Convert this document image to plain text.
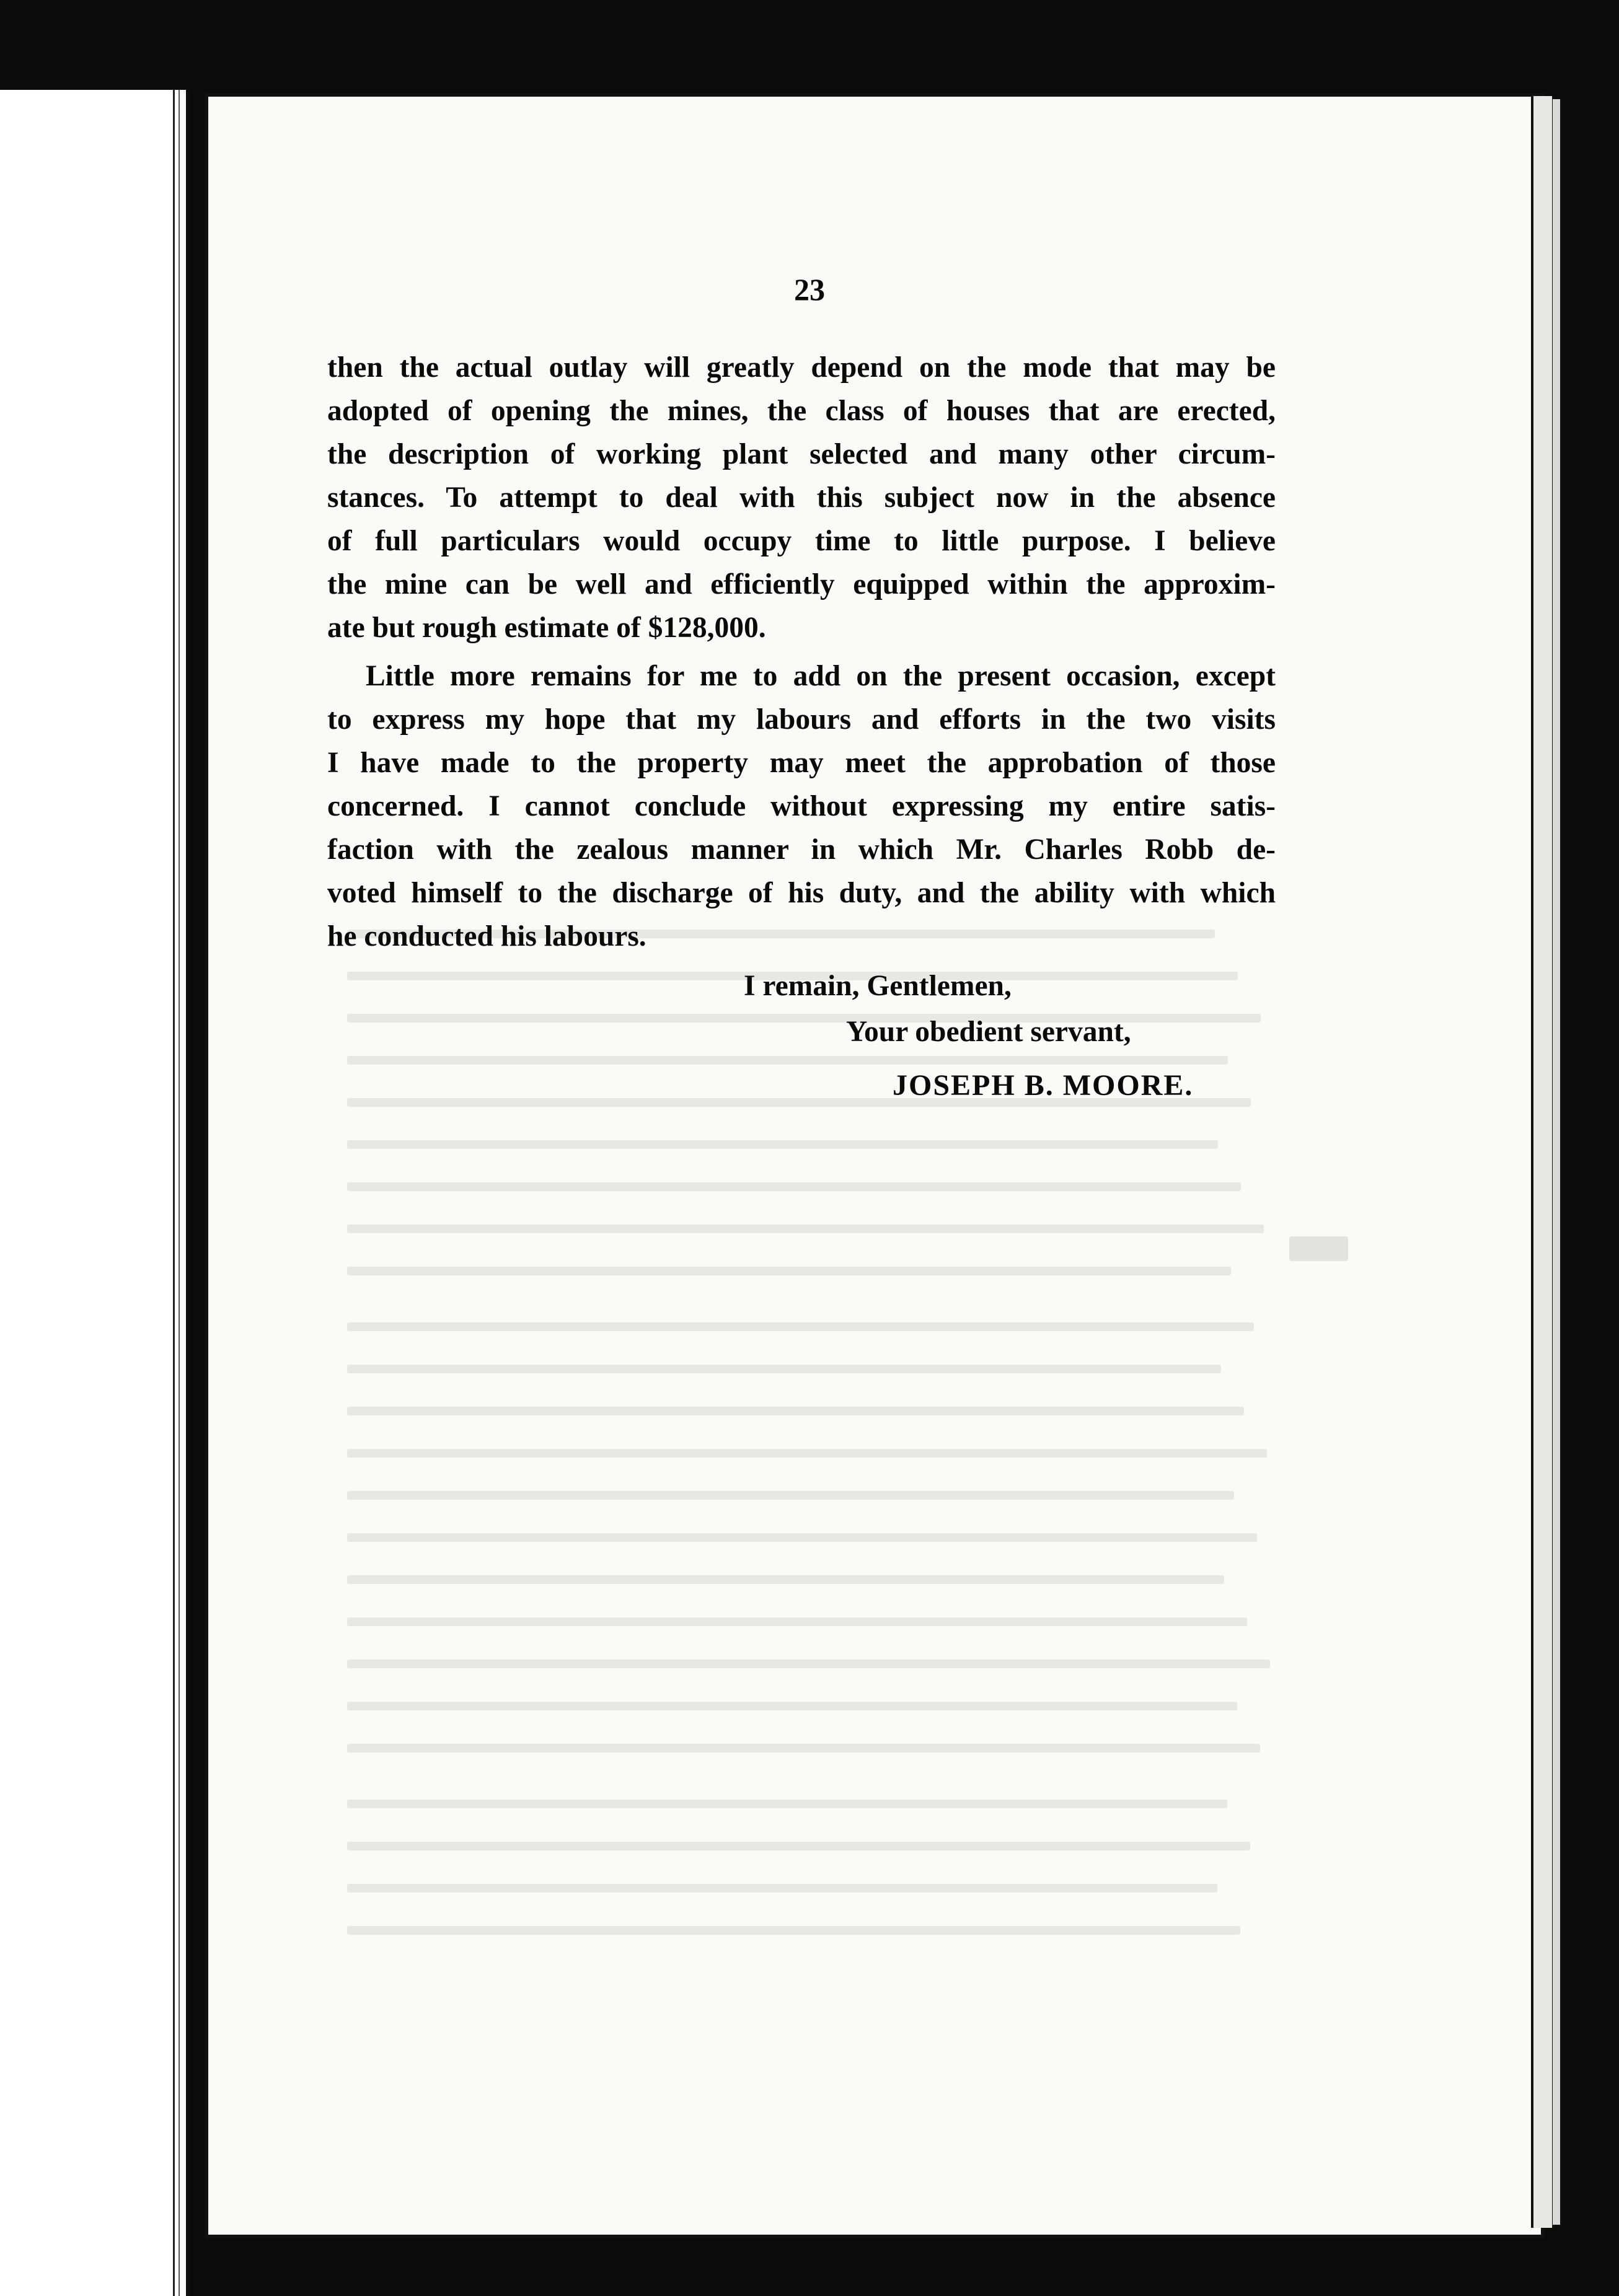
23
then the actual outlay will greatly depend on the mode that may be
adopted of opening the mines, the class of houses that are erected,
the description of working plant selected and many other circum-
stances. To attempt to deal with this subject now in the absence
of full particulars would occupy time to little purpose. I believe
the mine can be well and efficiently equipped within the approxim-
ate but rough estimate of $128,000.
Little more remains for me to add on the present occasion, except
to express my hope that my labours and efforts in the two visits
I have made to the property may meet the approbation of those
concerned. I cannot conclude without expressing my entire satis-
faction with the zealous manner in which Mr. Charles Robb de-
voted himself to the discharge of his duty, and the ability with which
he conducted his labours.
I remain, Gentlemen,
Your obedient servant,
JOSEPH B. MOORE.
